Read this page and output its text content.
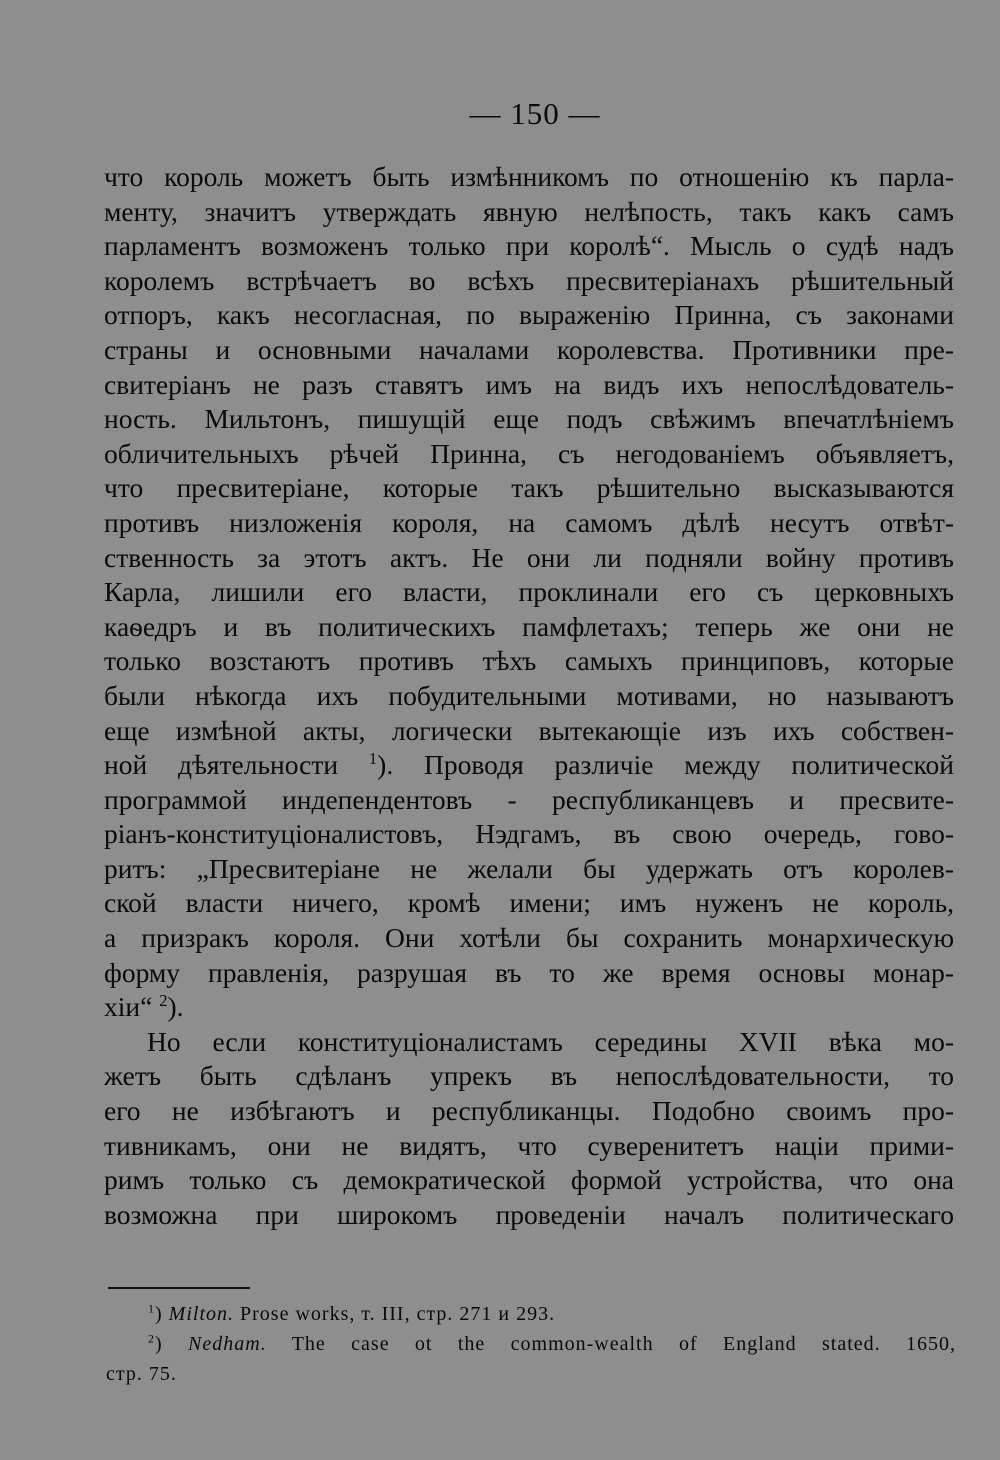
— 150 —
что король можетъ быть измѣнникомъ по отношенію къ парла-
менту, значитъ утверждать явную нелѣпость, такъ какъ самъ
парламентъ возможенъ только при королѣ“. Мысль о судѣ надъ
королемъ встрѣчаетъ во всѣхъ пресвитеріанахъ рѣшительный
отпоръ, какъ несогласная, по выраженію Принна, съ законами
страны и основными началами королевства. Противники пре-
свитеріанъ не разъ ставятъ имъ на видъ ихъ непослѣдователь-
ность. Мильтонъ, пишущій еще подъ свѣжимъ впечатлѣніемъ
обличительныхъ рѣчей Принна, съ негодованіемъ объявляетъ,
что пресвитеріане, которые такъ рѣшительно высказываются
противъ низложенія короля, на самомъ дѣлѣ несутъ отвѣт-
ственность за этотъ актъ. Не они ли подняли войну противъ
Карла, лишили его власти, проклинали его съ церковныхъ
каѳедръ и въ политическихъ памфлетахъ; теперь же они не
только возстаютъ противъ тѣхъ самыхъ принциповъ, которые
были нѣкогда ихъ побудительными мотивами, но называютъ
еще измѣной акты, логически вытекающіе изъ ихъ собствен-
ной дѣятельности $^1$). Проводя различіе между политической
программой индепендентовъ - республиканцевъ и пресвите-
ріанъ-конституціоналистовъ, Нэдгамъ, въ свою очередь, гово-
ритъ: „Пресвитеріане не желали бы удержать отъ королев-
ской власти ничего, кромѣ имени; имъ нуженъ не король,
а призракъ короля. Они хотѣли бы сохранить монархическую
форму правленія, разрушая въ то же время основы монар-
хіи“ $^2$).
Но если конституціоналистамъ середины XVII вѣка мо-
жетъ быть сдѣланъ упрекъ въ непослѣдовательности, то
его не избѣгаютъ и республиканцы. Подобно своимъ про-
тивникамъ, они не видятъ, что суверенитетъ націи прими-
римъ только съ демократической формой устройства, что она
возможна при широкомъ проведеніи началъ политическаго
$^1$) Milton. Prose works, т. III, стр. 271 и 293.
$^2$) Nedham. The case ot the common-wealth of England stated. 1650,
стр. 75.
